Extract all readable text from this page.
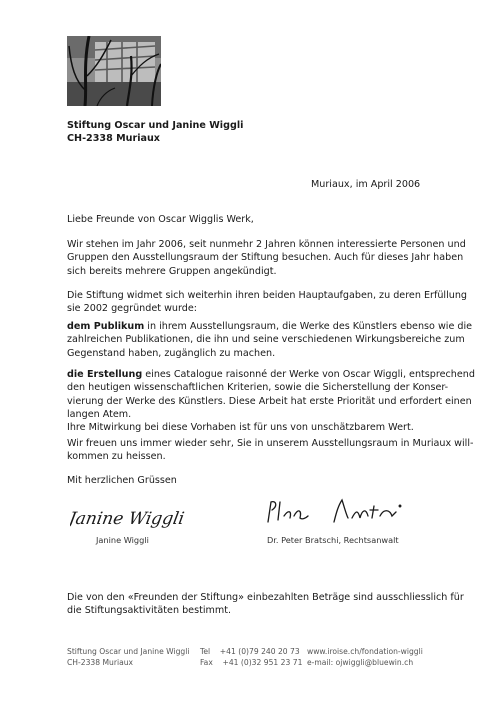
Stiftung Oscar und Janine Wiggli
CH-2338 Muriaux
Muriaux, im April 2006
Liebe Freunde von Oscar Wigglis Werk,
Wir stehen im Jahr 2006, seit nunmehr 2 Jahren können interessierte Personen und
Gruppen den Ausstellungsraum der Stiftung besuchen. Auch für dieses Jahr haben
sich bereits mehrere Gruppen angekündigt.
Die Stiftung widmet sich weiterhin ihren beiden Hauptaufgaben, zu deren Erfüllung
sie 2002 gegründet wurde:
dem Publikum in ihrem Ausstellungsraum, die Werke des Künstlers ebenso wie die
zahlreichen Publikationen, die ihn und seine verschiedenen Wirkungsbereiche zum
Gegenstand haben, zugänglich zu machen.
die Erstellung eines Catalogue raisonné der Werke von Oscar Wiggli, entsprechend
den heutigen wissenschaftlichen Kriterien, sowie die Sicherstellung der Konser-
vierung der Werke des Künstlers. Diese Arbeit hat erste Priorität und erfordert einen
langen Atem.
Ihre Mitwirkung bei diese Vorhaben ist für uns von unschätzbarem Wert.
Wir freuen uns immer wieder sehr, Sie in unserem Ausstellungsraum in Muriaux will-
kommen zu heissen.
Mit herzlichen Grüssen
Janine Wiggli
Janine Wiggli	Dr. Peter Bratschi, Rechtsanwalt
Die von den «Freunden der Stiftung» einbezahlten Beträge sind ausschliesslich für
die Stiftungsaktivitäten bestimmt.
Stiftung Oscar und Janine Wiggli
CH-2338 Muriaux
Tel +41 (0)79 240 20 73
Fax +41 (0)32 951 23 71
www.iroise.ch/fondation-wiggli
e-mail: ojwiggli@bluewin.ch
